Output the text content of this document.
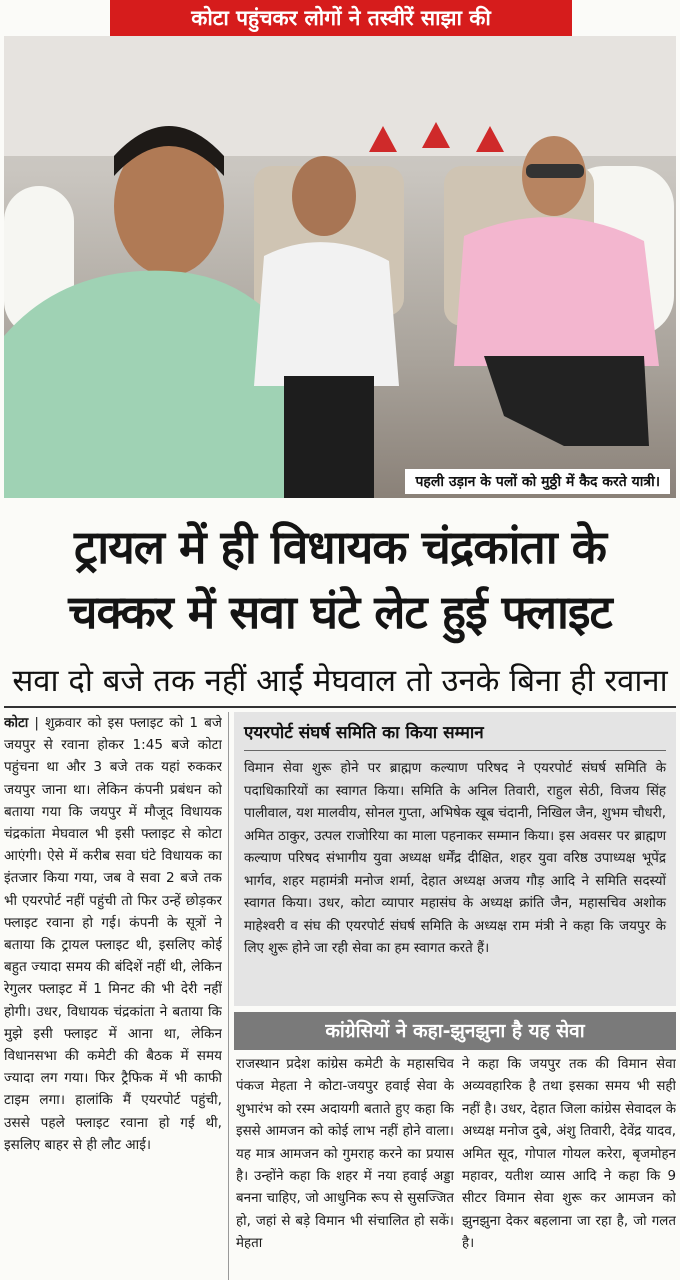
कोटा पहुंचकर लोगों ने तस्वीरें साझा की
पहली उड़ान के पलों को मुठ्ठी में कैद करते यात्री।
ट्रायल में ही विधायक चंद्रकांता के
चक्कर में सवा घंटे लेट हुई फ्लाइट
सवा दो बजे तक नहीं आईं मेघवाल तो उनके बिना ही रवाना
कोटा | शुक्रवार को इस फ्लाइट को 1 बजे जयपुर से रवाना होकर 1:45 बजे कोटा पहुंचना था और 3 बजे तक यहां रुककर जयपुर जाना था। लेकिन कंपनी प्रबंधन को बताया गया कि जयपुर में मौजूद विधायक चंद्रकांता मेघवाल भी इसी फ्लाइट से कोटा आएंगी। ऐसे में करीब सवा घंटे विधायक का इंतजार किया गया, जब वे सवा 2 बजे तक भी एयरपोर्ट नहीं पहुंची तो फिर उन्हें छोड़कर फ्लाइट रवाना हो गई। कंपनी के सूत्रों ने बताया कि ट्रायल फ्लाइट थी, इसलिए कोई बहुत ज्यादा समय की बंदिशें नहीं थी, लेकिन रेगुलर फ्लाइट में 1 मिनट की भी देरी नहीं होगी। उधर, विधायक चंद्रकांता ने बताया कि मुझे इसी फ्लाइट में आना था, लेकिन विधानसभा की कमेटी की बैठक में समय ज्यादा लग गया। फिर ट्रैफिक में भी काफी टाइम लगा। हालांकि मैं एयरपोर्ट पहुंची, उससे पहले फ्लाइट रवाना हो गई थी, इसलिए बाहर से ही लौट आई।
एयरपोर्ट संघर्ष समिति का किया सम्मान
विमान सेवा शुरू होने पर ब्राह्मण कल्याण परिषद ने एयरपोर्ट संघर्ष समिति के पदाधिकारियों का स्वागत किया। समिति के अनिल तिवारी, राहुल सेठी, विजय सिंह पालीवाल, यश मालवीय, सोनल गुप्ता, अभिषेक खूब चंदानी, निखिल जैन, शुभम चौधरी, अमित ठाकुर, उत्पल राजोरिया का माला पहनाकर सम्मान किया। इस अवसर पर ब्राह्मण कल्याण परिषद संभागीय युवा अध्यक्ष धर्मेंद्र दीक्षित, शहर युवा वरिष्ठ उपाध्यक्ष भूपेंद्र भार्गव, शहर महामंत्री मनोज शर्मा, देहात अध्यक्ष अजय गौड़ आदि ने समिति सदस्यों स्वागत किया। उधर, कोटा व्यापार महासंघ के अध्यक्ष क्रांति जैन, महासचिव अशोक माहेश्वरी व संघ की एयरपोर्ट संघर्ष समिति के अध्यक्ष राम मंत्री ने कहा कि जयपुर के लिए शुरू होने जा रही सेवा का हम स्वागत करते हैं।
कांग्रेसियों ने कहा-झुनझुना है यह सेवा
राजस्थान प्रदेश कांग्रेस कमेटी के महासचिव पंकज मेहता ने कोटा-जयपुर हवाई सेवा के शुभारंभ को रस्म अदायगी बताते हुए कहा कि इससे आमजन को कोई लाभ नहीं होने वाला। यह मात्र आमजन को गुमराह करने का प्रयास है। उन्होंने कहा कि शहर में नया हवाई अड्डा बनना चाहिए, जो आधुनिक रूप से सुसज्जित हो, जहां से बड़े विमान भी संचालित हो सकें। मेहता
ने कहा कि जयपुर तक की विमान सेवा अव्यवहारिक है तथा इसका समय भी सही नहीं है। उधर, देहात जिला कांग्रेस सेवादल के अध्यक्ष मनोज दुबे, अंशु तिवारी, देवेंद्र यादव, अमित सूद, गोपाल गोयल करेरा, बृजमोहन महावर, यतीश व्यास आदि ने कहा कि 9 सीटर विमान सेवा शुरू कर आमजन को झुनझुना देकर बहलाना जा रहा है, जो गलत है।
